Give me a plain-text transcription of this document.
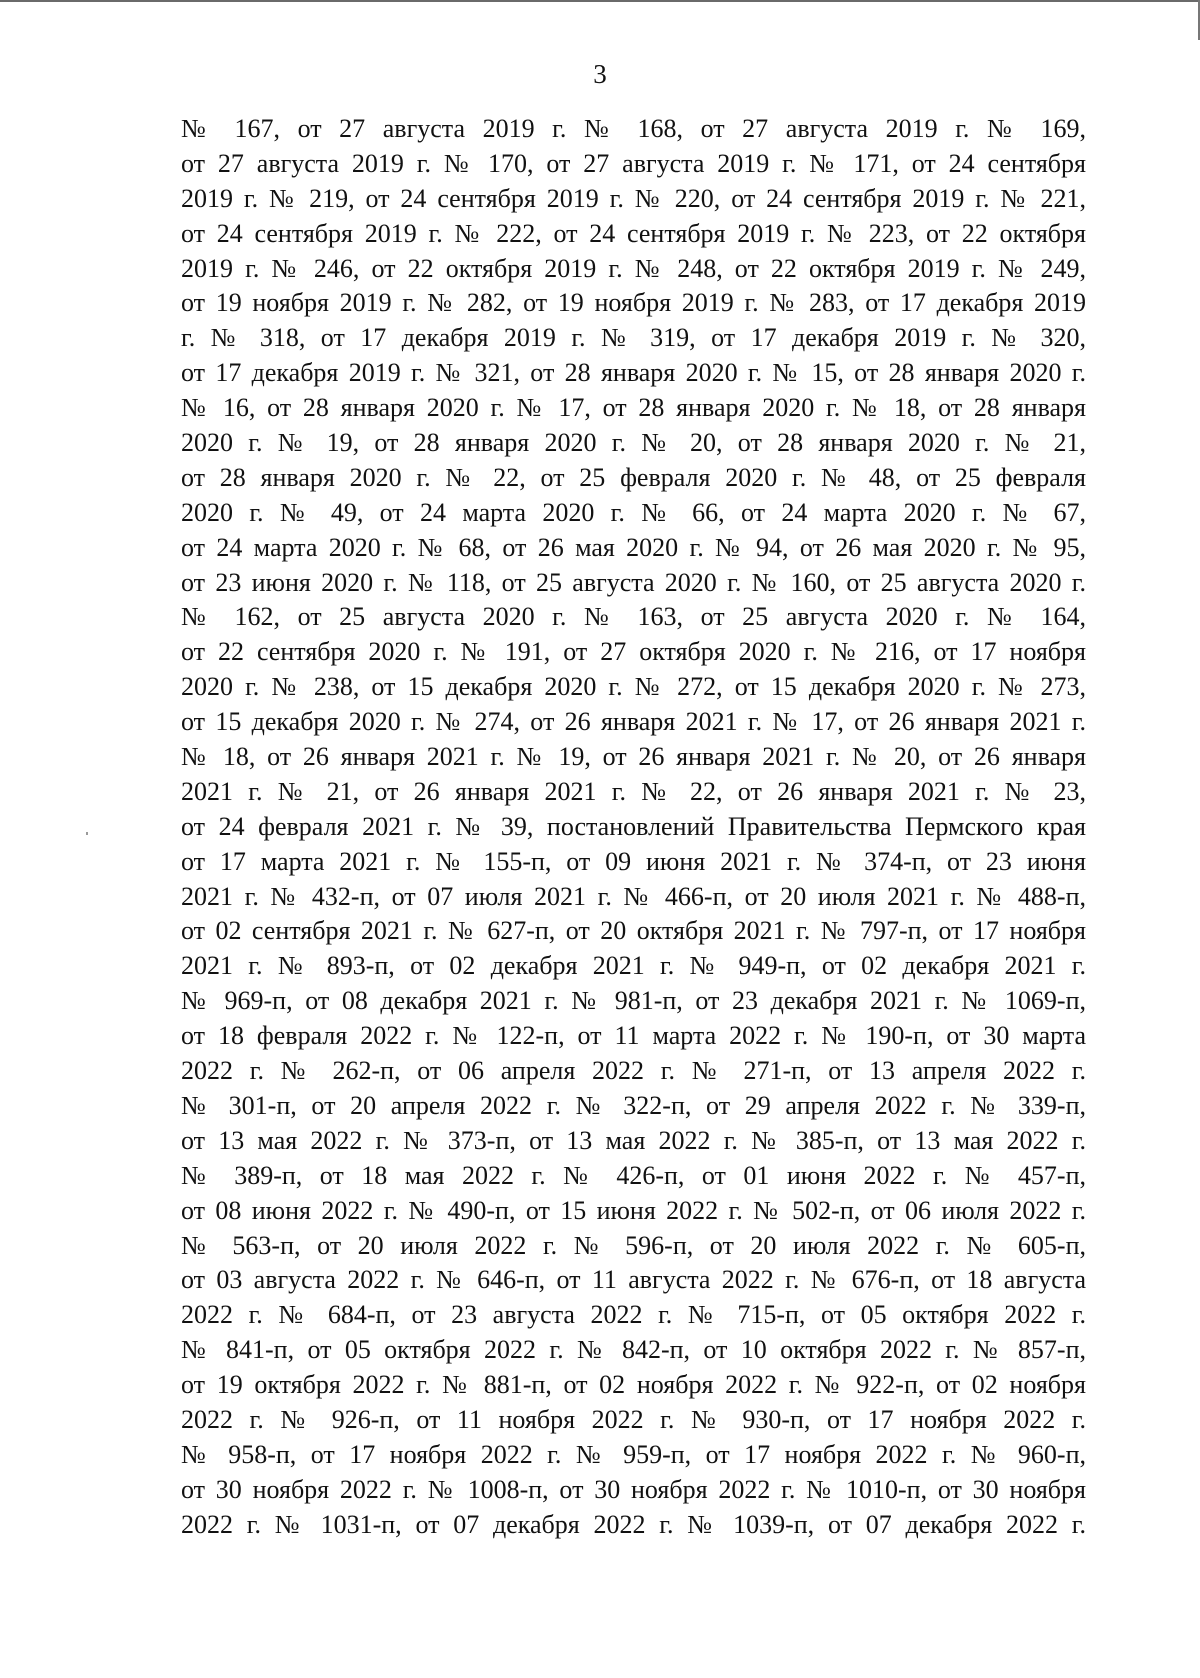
3
№ 167, от 27 августа 2019 г. № 168, от 27 августа 2019 г. № 169,
от 27 августа 2019 г. № 170, от 27 августа 2019 г. № 171, от 24 сентября
2019 г. № 219, от 24 сентября 2019 г. № 220, от 24 сентября 2019 г. № 221,
от 24 сентября 2019 г. № 222, от 24 сентября 2019 г. № 223, от 22 октября
2019 г. № 246, от 22 октября 2019 г. № 248, от 22 октября 2019 г. № 249,
от 19 ноября 2019 г. № 282, от 19 ноября 2019 г. № 283, от 17 декабря 2019
г. № 318, от 17 декабря 2019 г. № 319, от 17 декабря 2019 г. № 320,
от 17 декабря 2019 г. № 321, от 28 января 2020 г. № 15, от 28 января 2020 г.
№ 16, от 28 января 2020 г. № 17, от 28 января 2020 г. № 18, от 28 января
2020 г. № 19, от 28 января 2020 г. № 20, от 28 января 2020 г. № 21,
от 28 января 2020 г. № 22, от 25 февраля 2020 г. № 48, от 25 февраля
2020 г. № 49, от 24 марта 2020 г. № 66, от 24 марта 2020 г. № 67,
от 24 марта 2020 г. № 68, от 26 мая 2020 г. № 94, от 26 мая 2020 г. № 95,
от 23 июня 2020 г. № 118, от 25 августа 2020 г. № 160, от 25 августа 2020 г.
№ 162, от 25 августа 2020 г. № 163, от 25 августа 2020 г. № 164,
от 22 сентября 2020 г. № 191, от 27 октября 2020 г. № 216, от 17 ноября
2020 г. № 238, от 15 декабря 2020 г. № 272, от 15 декабря 2020 г. № 273,
от 15 декабря 2020 г. № 274, от 26 января 2021 г. № 17, от 26 января 2021 г.
№ 18, от 26 января 2021 г. № 19, от 26 января 2021 г. № 20, от 26 января
2021 г. № 21, от 26 января 2021 г. № 22, от 26 января 2021 г. № 23,
от 24 февраля 2021 г. № 39, постановлений Правительства Пермского края
от 17 марта 2021 г. № 155-п, от 09 июня 2021 г. № 374-п, от 23 июня
2021 г. № 432-п, от 07 июля 2021 г. № 466-п, от 20 июля 2021 г. № 488-п,
от 02 сентября 2021 г. № 627-п, от 20 октября 2021 г. № 797-п, от 17 ноября
2021 г. № 893-п, от 02 декабря 2021 г. № 949-п, от 02 декабря 2021 г.
№ 969-п, от 08 декабря 2021 г. № 981-п, от 23 декабря 2021 г. № 1069-п,
от 18 февраля 2022 г. № 122-п, от 11 марта 2022 г. № 190-п, от 30 марта
2022 г. № 262-п, от 06 апреля 2022 г. № 271-п, от 13 апреля 2022 г.
№ 301-п, от 20 апреля 2022 г. № 322-п, от 29 апреля 2022 г. № 339-п,
от 13 мая 2022 г. № 373-п, от 13 мая 2022 г. № 385-п, от 13 мая 2022 г.
№ 389-п, от 18 мая 2022 г. № 426-п, от 01 июня 2022 г. № 457-п,
от 08 июня 2022 г. № 490-п, от 15 июня 2022 г. № 502-п, от 06 июля 2022 г.
№ 563-п, от 20 июля 2022 г. № 596-п, от 20 июля 2022 г. № 605-п,
от 03 августа 2022 г. № 646-п, от 11 августа 2022 г. № 676-п, от 18 августа
2022 г. № 684-п, от 23 августа 2022 г. № 715-п, от 05 октября 2022 г.
№ 841-п, от 05 октября 2022 г. № 842-п, от 10 октября 2022 г. № 857-п,
от 19 октября 2022 г. № 881-п, от 02 ноября 2022 г. № 922-п, от 02 ноября
2022 г. № 926-п, от 11 ноября 2022 г. № 930-п, от 17 ноября 2022 г.
№ 958-п, от 17 ноября 2022 г. № 959-п, от 17 ноября 2022 г. № 960-п,
от 30 ноября 2022 г. № 1008-п, от 30 ноября 2022 г. № 1010-п, от 30 ноября
2022 г. № 1031-п, от 07 декабря 2022 г. № 1039-п, от 07 декабря 2022 г.
